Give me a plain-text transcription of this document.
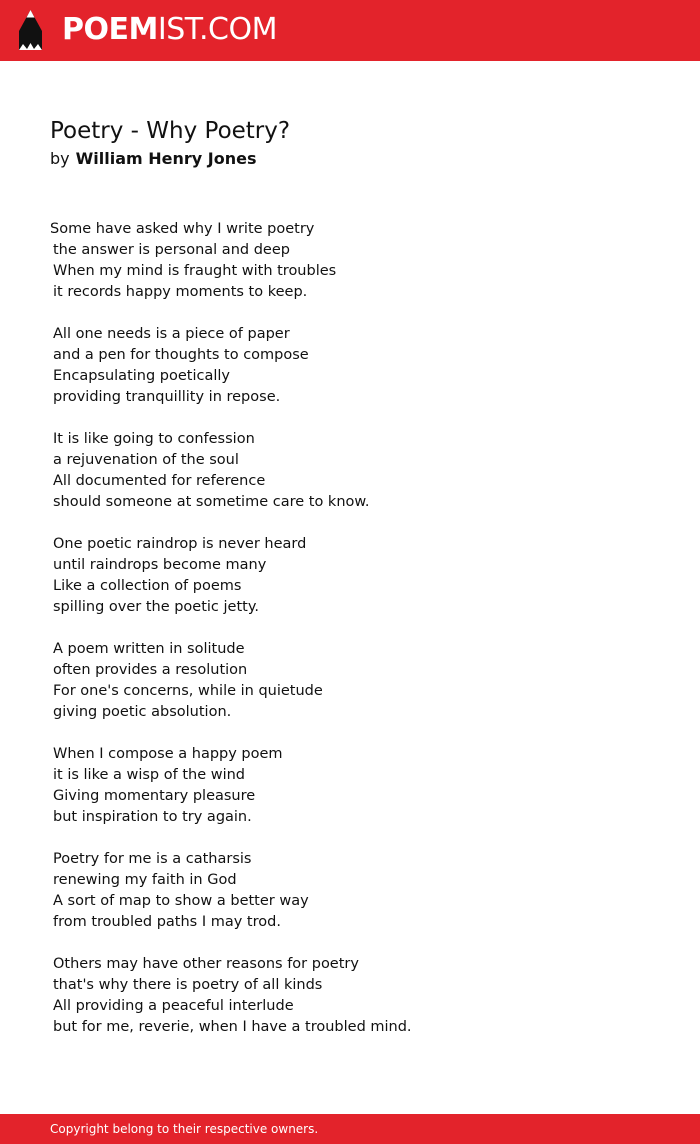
POEMIST.COM
Poetry - Why Poetry?
by William Henry Jones
Some have asked why I write poetry
the answer is personal and deep
When my mind is fraught with troubles
it records happy moments to keep.
All one needs is a piece of paper
and a pen for thoughts to compose
Encapsulating poetically
providing tranquillity in repose.
It is like going to confession
a rejuvenation of the soul
All documented for reference
should someone at sometime care to know.
One poetic raindrop is never heard
until raindrops become many
Like a collection of poems
spilling over the poetic jetty.
A poem written in solitude
often provides a resolution
For one's concerns, while in quietude
giving poetic absolution.
When I compose a happy poem
it is like a wisp of the wind
Giving momentary pleasure
but inspiration to try again.
Poetry for me is a catharsis
renewing my faith in God
A sort of map to show a better way
from troubled paths I may trod.
Others may have other reasons for poetry
that's why there is poetry of all kinds
All providing a peaceful interlude
but for me, reverie, when I have a troubled mind.
Copyright belong to their respective owners.
